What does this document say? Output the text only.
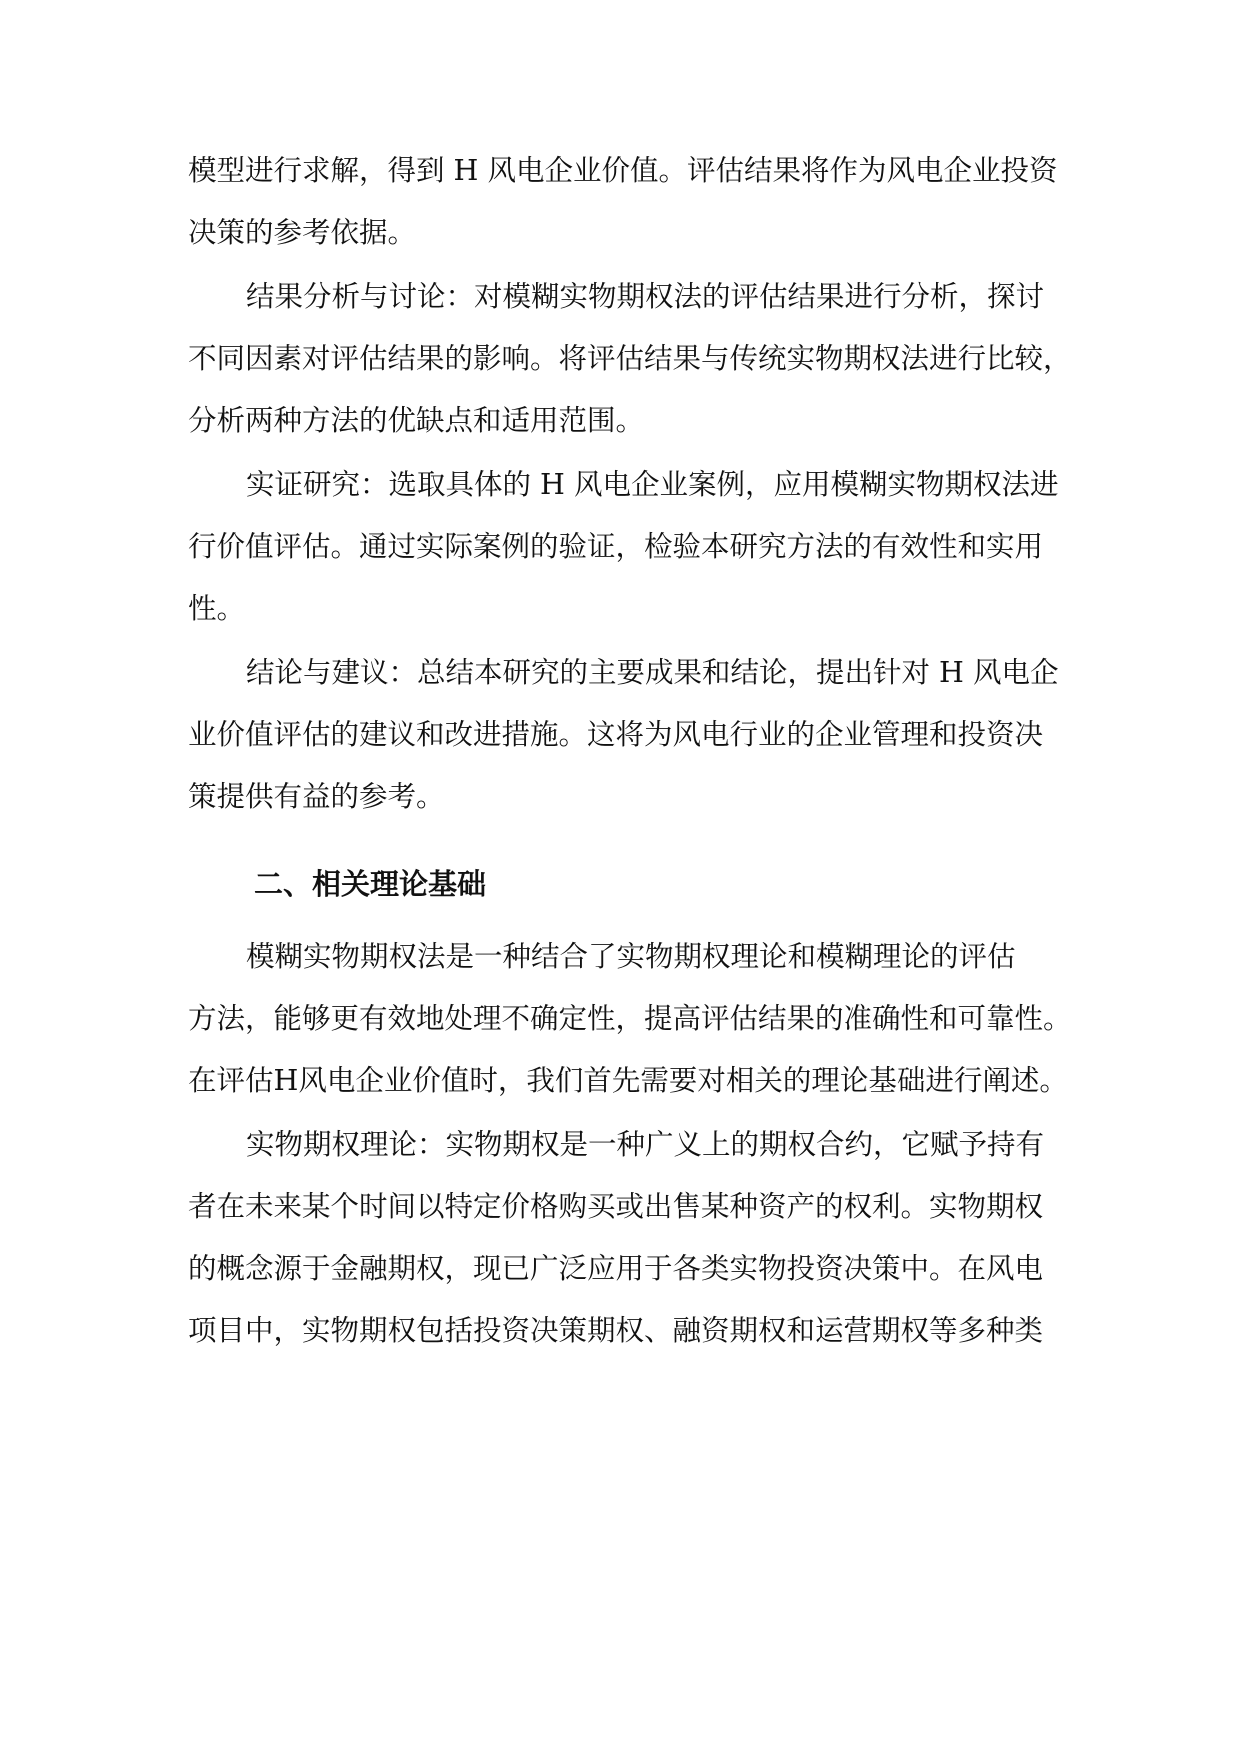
模型进行求解，得到 H 风电企业价值。评估结果将作为风电企业投资
决策的参考依据。
结果分析与讨论：对模糊实物期权法的评估结果进行分析，探讨
不同因素对评估结果的影响。将评估结果与传统实物期权法进行比较，
分析两种方法的优缺点和适用范围。
实证研究：选取具体的 H 风电企业案例，应用模糊实物期权法进
行价值评估。通过实际案例的验证，检验本研究方法的有效性和实用
性。
结论与建议：总结本研究的主要成果和结论，提出针对 H 风电企
业价值评估的建议和改进措施。这将为风电行业的企业管理和投资决
策提供有益的参考。
二、相关理论基础
模糊实物期权法是一种结合了实物期权理论和模糊理论的评估
方法，能够更有效地处理不确定性，提高评估结果的准确性和可靠性。
在评估H风电企业价值时，我们首先需要对相关的理论基础进行阐述。
实物期权理论：实物期权是一种广义上的期权合约，它赋予持有
者在未来某个时间以特定价格购买或出售某种资产的权利。实物期权
的概念源于金融期权，现已广泛应用于各类实物投资决策中。在风电
项目中，实物期权包括投资决策期权、融资期权和运营期权等多种类
